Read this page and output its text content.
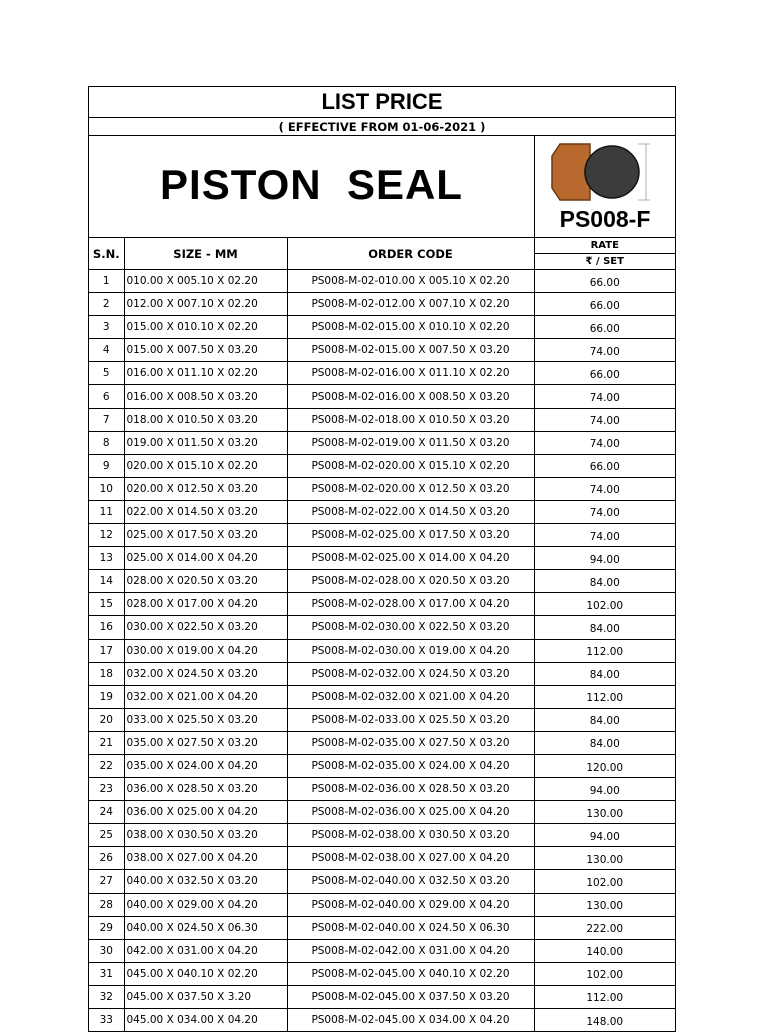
LIST PRICE
( EFFECTIVE FROM 01-06-2021 )
PISTON  SEAL
PS008-F
S.N.	SIZE - MM	ORDER CODE	RATE
			₹ / SET
1	010.00 X 005.10 X 02.20	PS008-M-02-010.00 X 005.10 X 02.20	66.00
2	012.00 X 007.10 X 02.20	PS008-M-02-012.00 X 007.10 X 02.20	66.00
3	015.00 X 010.10 X 02.20	PS008-M-02-015.00 X 010.10 X 02.20	66.00
4	015.00 X 007.50 X 03.20	PS008-M-02-015.00 X 007.50 X 03.20	74.00
5	016.00 X 011.10 X 02.20	PS008-M-02-016.00 X 011.10 X 02.20	66.00
6	016.00 X 008.50 X 03.20	PS008-M-02-016.00 X 008.50 X 03.20	74.00
7	018.00 X 010.50 X 03.20	PS008-M-02-018.00 X 010.50 X 03.20	74.00
8	019.00 X 011.50 X 03.20	PS008-M-02-019.00 X 011.50 X 03.20	74.00
9	020.00 X 015.10 X 02.20	PS008-M-02-020.00 X 015.10 X 02.20	66.00
10	020.00 X 012.50 X 03.20	PS008-M-02-020.00 X 012.50 X 03.20	74.00
11	022.00 X 014.50 X 03.20	PS008-M-02-022.00 X 014.50 X 03.20	74.00
12	025.00 X 017.50 X 03.20	PS008-M-02-025.00 X 017.50 X 03.20	74.00
13	025.00 X 014.00 X 04.20	PS008-M-02-025.00 X 014.00 X 04.20	94.00
14	028.00 X 020.50 X 03.20	PS008-M-02-028.00 X 020.50 X 03.20	84.00
15	028.00 X 017.00 X 04.20	PS008-M-02-028.00 X 017.00 X 04.20	102.00
16	030.00 X 022.50 X 03.20	PS008-M-02-030.00 X 022.50 X 03.20	84.00
17	030.00 X 019.00 X 04.20	PS008-M-02-030.00 X 019.00 X 04.20	112.00
18	032.00 X 024.50 X 03.20	PS008-M-02-032.00 X 024.50 X 03.20	84.00
19	032.00 X 021.00 X 04.20	PS008-M-02-032.00 X 021.00 X 04.20	112.00
20	033.00 X 025.50 X 03.20	PS008-M-02-033.00 X 025.50 X 03.20	84.00
21	035.00 X 027.50 X 03.20	PS008-M-02-035.00 X 027.50 X 03.20	84.00
22	035.00 X 024.00 X 04.20	PS008-M-02-035.00 X 024.00 X 04.20	120.00
23	036.00 X 028.50 X 03.20	PS008-M-02-036.00 X 028.50 X 03.20	94.00
24	036.00 X 025.00 X 04.20	PS008-M-02-036.00 X 025.00 X 04.20	130.00
25	038.00 X 030.50 X 03.20	PS008-M-02-038.00 X 030.50 X 03.20	94.00
26	038.00 X 027.00 X 04.20	PS008-M-02-038.00 X 027.00 X 04.20	130.00
27	040.00 X 032.50 X 03.20	PS008-M-02-040.00 X 032.50 X 03.20	102.00
28	040.00 X 029.00 X 04.20	PS008-M-02-040.00 X 029.00 X 04.20	130.00
29	040.00 X 024.50 X 06.30	PS008-M-02-040.00 X 024.50 X 06.30	222.00
30	042.00 X 031.00 X 04.20	PS008-M-02-042.00 X 031.00 X 04.20	140.00
31	045.00 X 040.10 X 02.20	PS008-M-02-045.00 X 040.10 X 02.20	102.00
32	045.00 X 037.50 X 3.20	PS008-M-02-045.00 X 037.50 X 03.20	112.00
33	045.00 X 034.00 X 04.20	PS008-M-02-045.00 X 034.00 X 04.20	148.00
